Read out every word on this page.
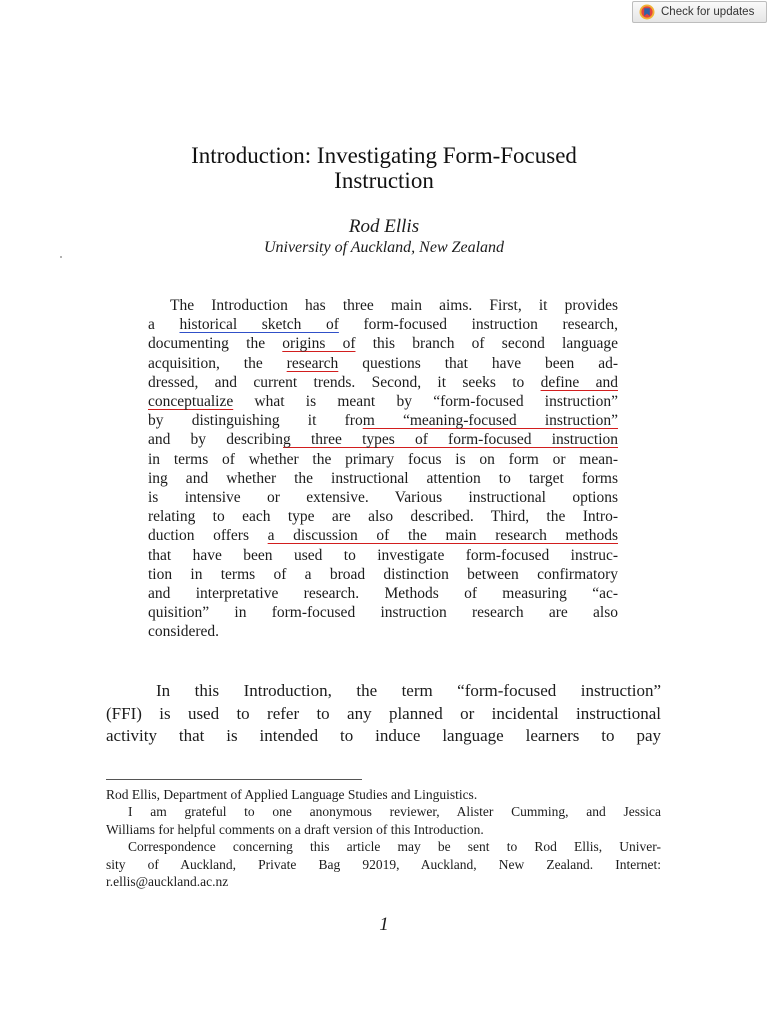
Check for updates
Introduction: Investigating Form-Focused
Instruction
Rod Ellis
University of Auckland, New Zealand
The Introduction has three main aims. First, it provides
a historical sketch of form-focused instruction research,
documenting the origins of this branch of second language
acquisition, the research questions that have been ad-
dressed, and current trends. Second, it seeks to define and
conceptualize what is meant by “form-focused instruction”
by distinguishing it from “meaning-focused instruction”
and by describing three types of form-focused instruction
in terms of whether the primary focus is on form or mean-
ing and whether the instructional attention to target forms
is intensive or extensive. Various instructional options
relating to each type are also described. Third, the Intro-
duction offers a discussion of the main research methods
that have been used to investigate form-focused instruc-
tion in terms of a broad distinction between confirmatory
and interpretative research. Methods of measuring “ac-
quisition” in form-focused instruction research are also
considered.
In this Introduction, the term “form-focused instruction”
(FFI) is used to refer to any planned or incidental instructional
activity that is intended to induce language learners to pay
Rod Ellis, Department of Applied Language Studies and Linguistics.
I am grateful to one anonymous reviewer, Alister Cumming, and Jessica
Williams for helpful comments on a draft version of this Introduction.
Correspondence concerning this article may be sent to Rod Ellis, Univer-
sity of Auckland, Private Bag 92019, Auckland, New Zealand. Internet:
r.ellis@auckland.ac.nz
1
